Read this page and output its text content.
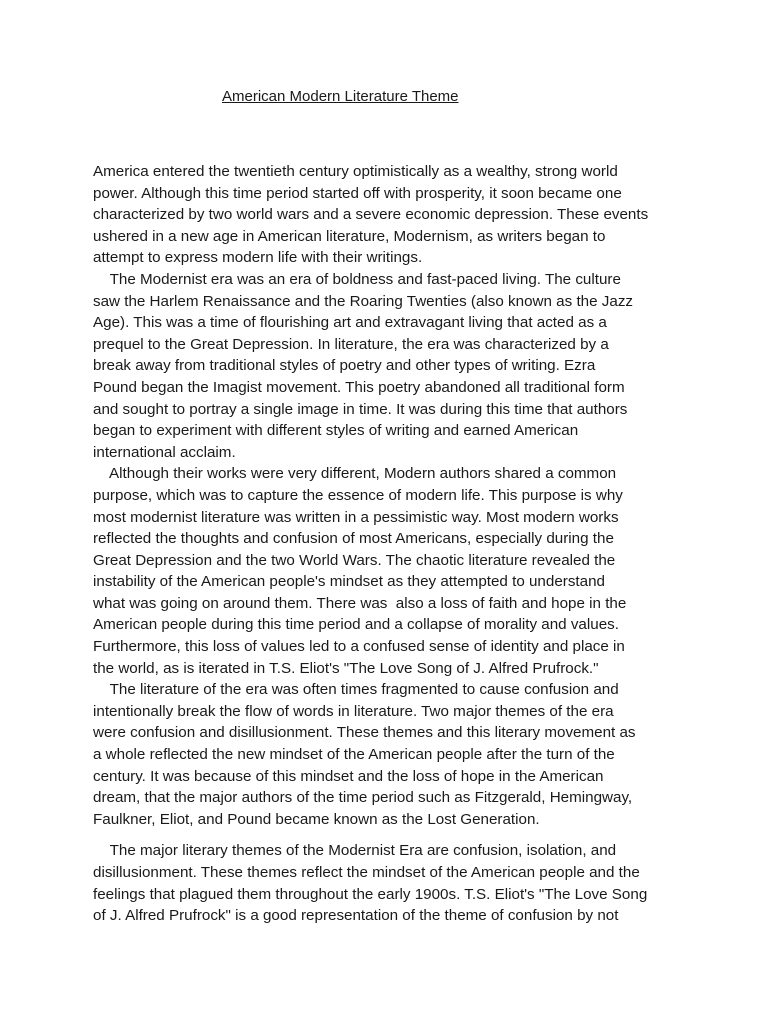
American Modern Literature Theme
America entered the twentieth century optimistically as a wealthy, strong world
power. Although this time period started off with prosperity, it soon became one
characterized by two world wars and a severe economic depression. These events
ushered in a new age in American literature, Modernism, as writers began to
attempt to express modern life with their writings.
The Modernist era was an era of boldness and fast-paced living. The culture
saw the Harlem Renaissance and the Roaring Twenties (also known as the Jazz
Age). This was a time of flourishing art and extravagant living that acted as a
prequel to the Great Depression. In literature, the era was characterized by a
break away from traditional styles of poetry and other types of writing. Ezra
Pound began the Imagist movement. This poetry abandoned all traditional form
and sought to portray a single image in time. It was during this time that authors
began to experiment with different styles of writing and earned American
international acclaim.
Although their works were very different, Modern authors shared a common
purpose, which was to capture the essence of modern life. This purpose is why
most modernist literature was written in a pessimistic way. Most modern works
reflected the thoughts and confusion of most Americans, especially during the
Great Depression and the two World Wars. The chaotic literature revealed the
instability of the American people's mindset as they attempted to understand
what was going on around them. There was  also a loss of faith and hope in the
American people during this time period and a collapse of morality and values.
Furthermore, this loss of values led to a confused sense of identity and place in
the world, as is iterated in T.S. Eliot's "The Love Song of J. Alfred Prufrock."
The literature of the era was often times fragmented to cause confusion and
intentionally break the flow of words in literature. Two major themes of the era
were confusion and disillusionment. These themes and this literary movement as
a whole reflected the new mindset of the American people after the turn of the
century. It was because of this mindset and the loss of hope in the American
dream, that the major authors of the time period such as Fitzgerald, Hemingway,
Faulkner, Eliot, and Pound became known as the Lost Generation.
The major literary themes of the Modernist Era are confusion, isolation, and
disillusionment. These themes reflect the mindset of the American people and the
feelings that plagued them throughout the early 1900s. T.S. Eliot's "The Love Song
of J. Alfred Prufrock" is a good representation of the theme of confusion by not
